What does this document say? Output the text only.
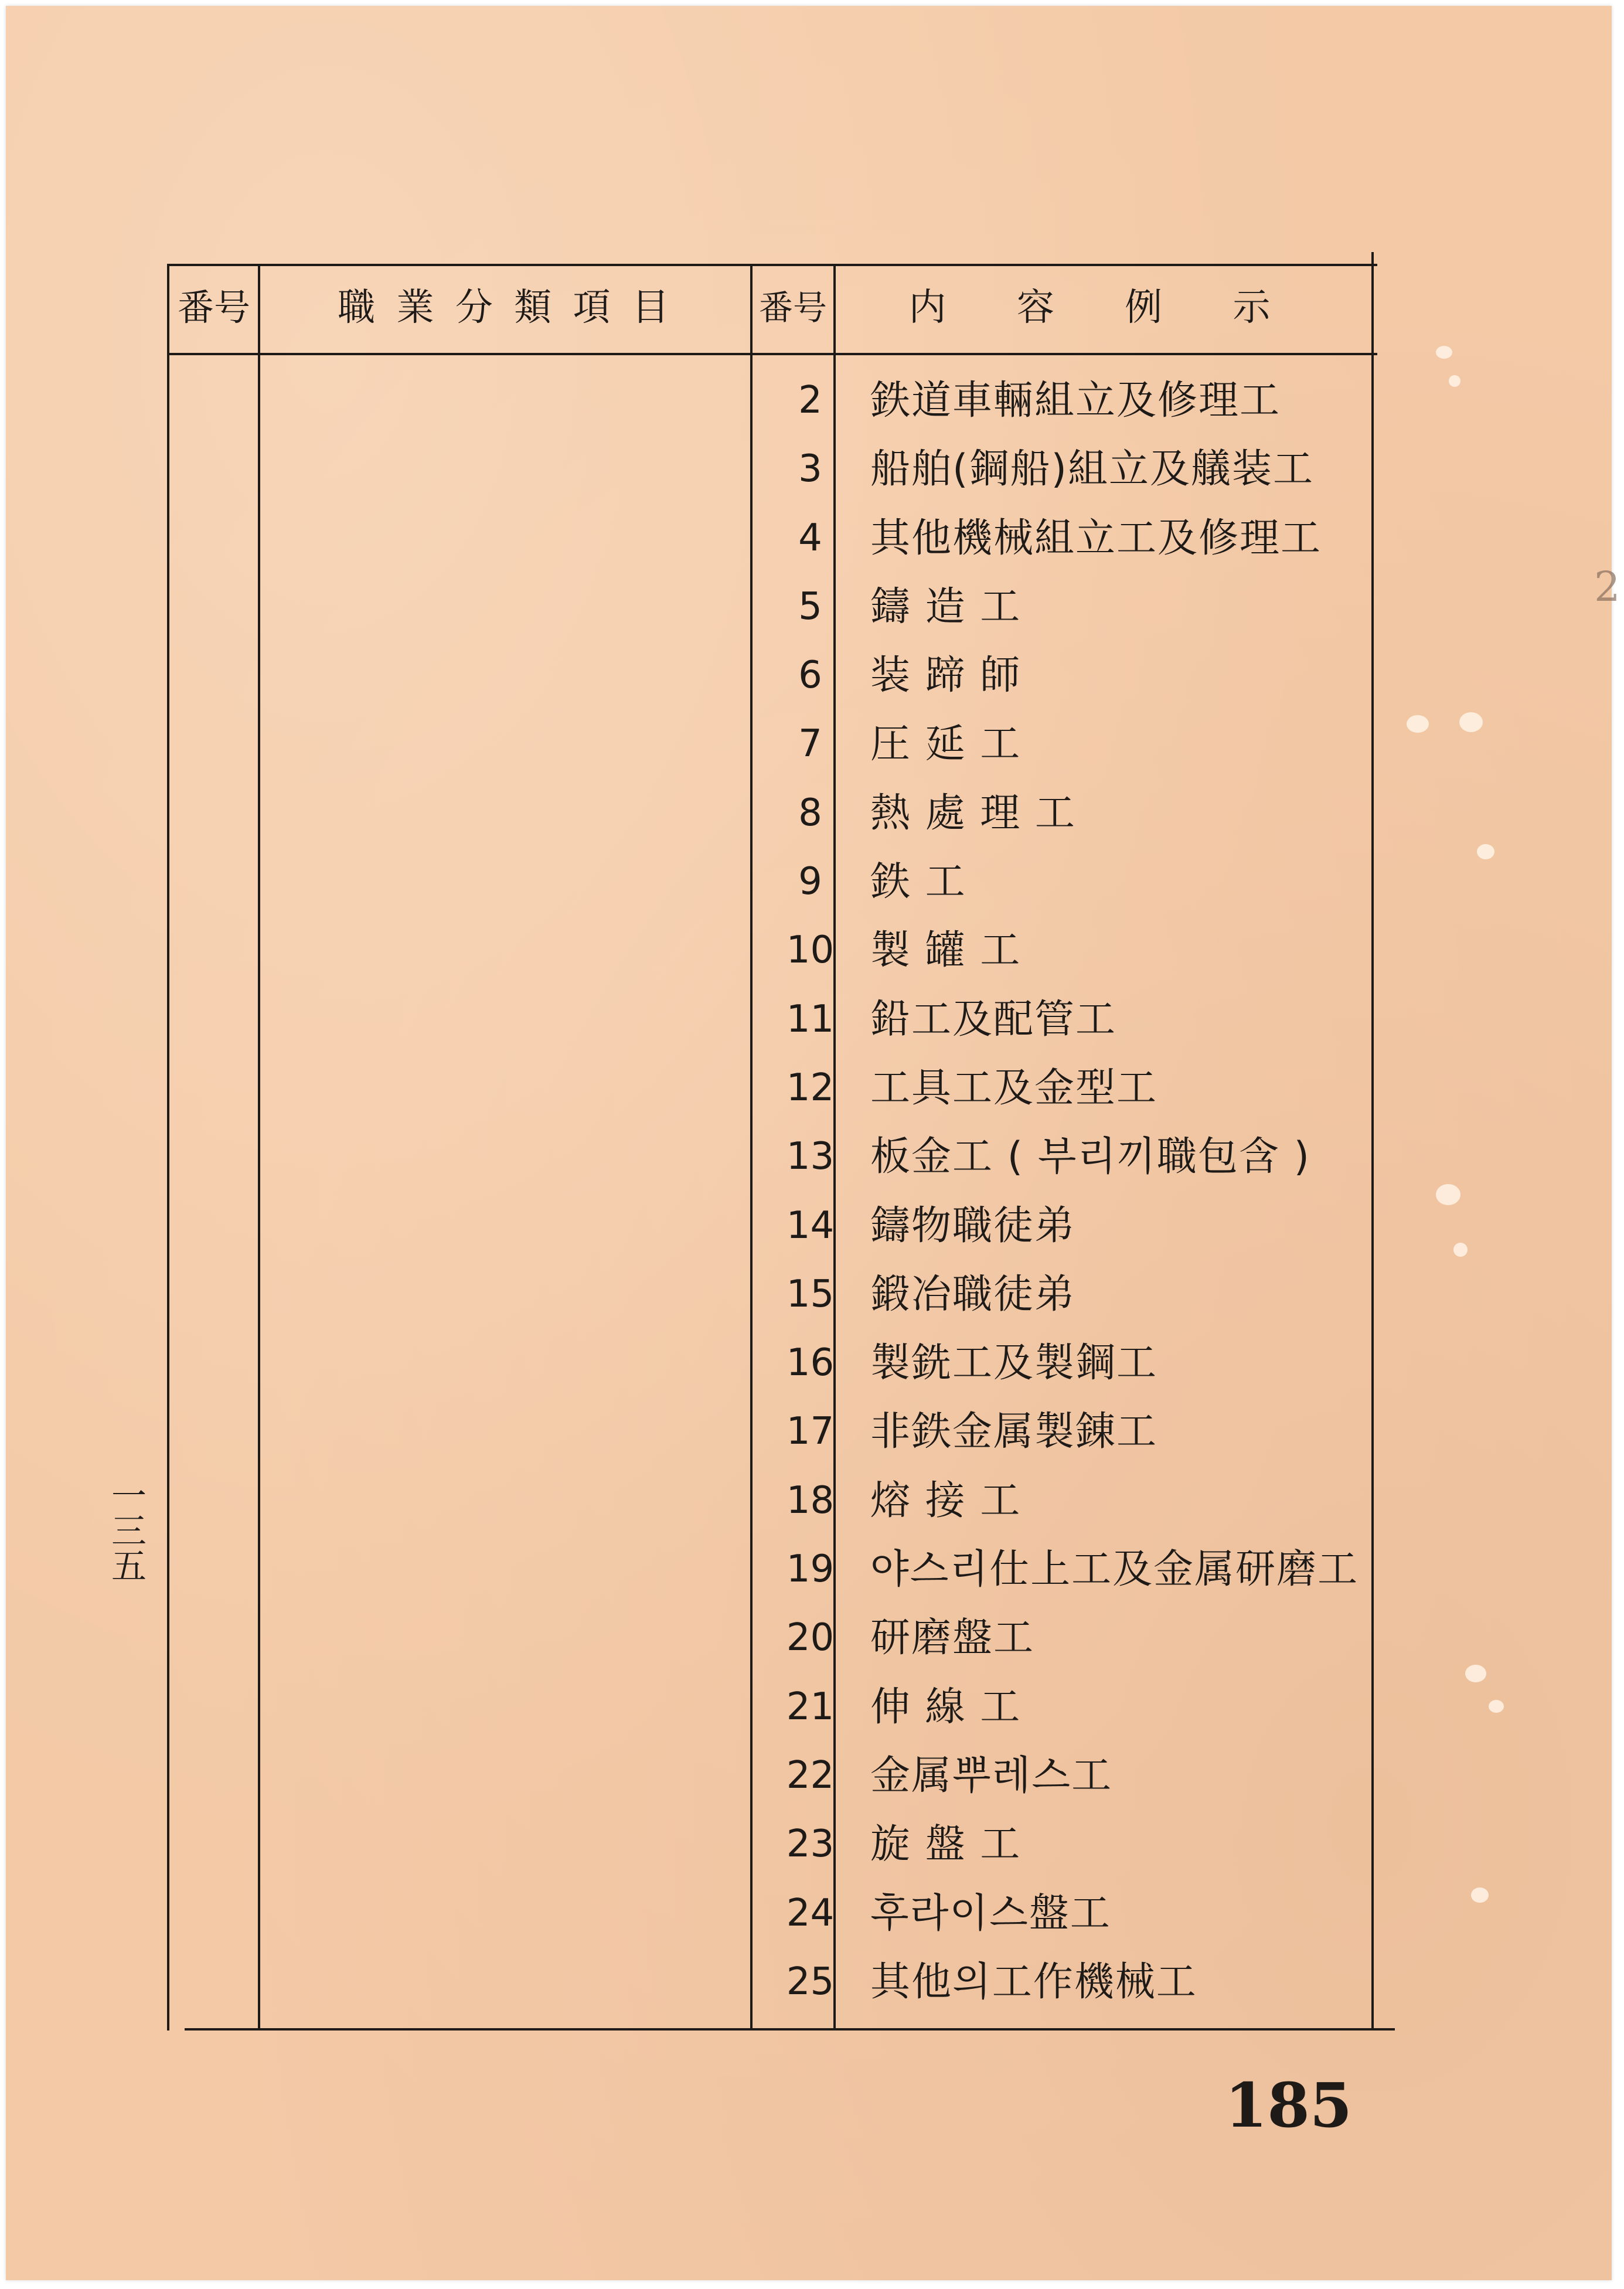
番号	職 業 分 類 項 目	番号	内 容 例 示
2	鉄道車輛組立及修理工
3	船舶(鋼船)組立及艤装工
4	其他機械組立工及修理工
5	鑄 造 工
6	装 蹄 師
7	圧 延 工
8	熱 處 理 工
9	鉄 工
10 製 罐 工
11 鉛工及配管工
12 工具工及金型工
13 板金工 ( 부리끼職包含 )
14 鑄物職徒弟
15 鍛冶職徒弟
16 製銑工及製鋼工
17 非鉄金属製錬工
18 熔 接 工
19 야스리仕上工及金属研磨工
20 研磨盤工
21 伸 線 工
22 金属뿌레스工
23 旋 盤 工
24 후라이스盤工
25 其他의工作機械工
一三五
185
2
